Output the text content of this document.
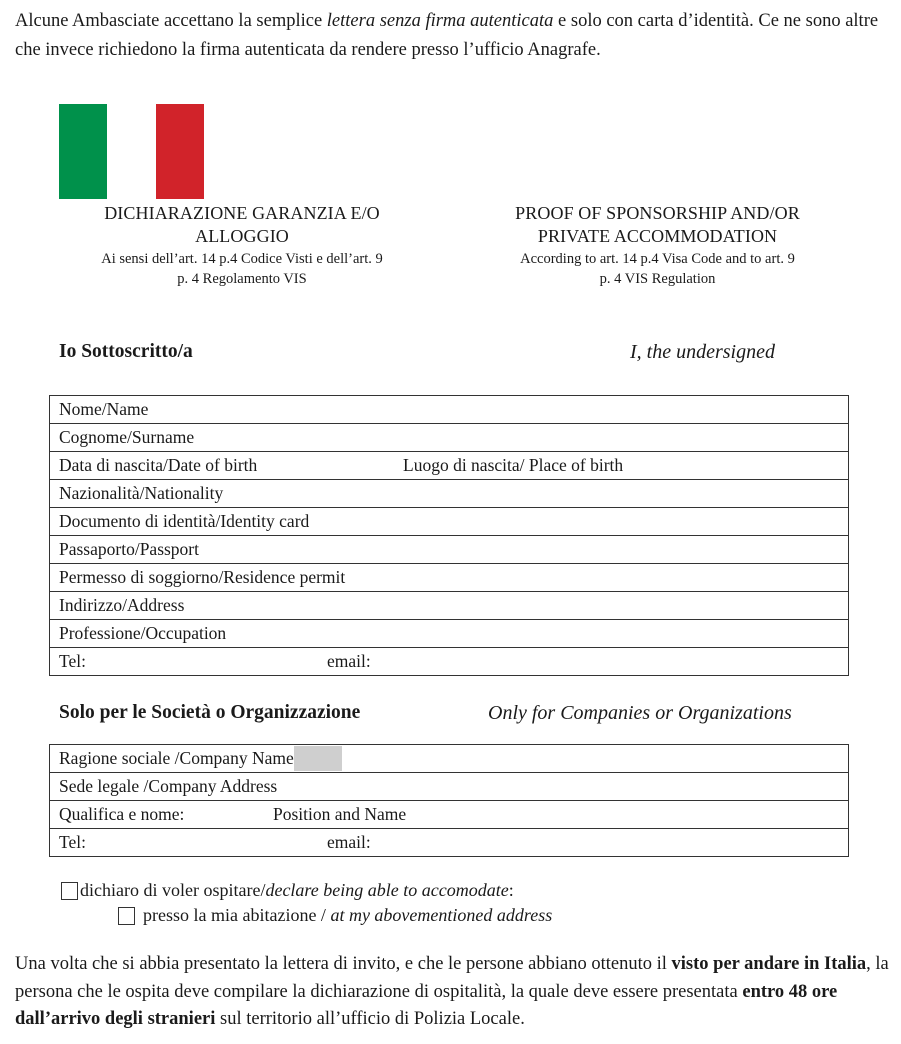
Alcune Ambasciate accettano la semplice lettera senza firma autenticata e solo con carta d’identità. Ce ne sono altre che invece richiedono la firma autenticata da rendere presso l’ufficio Anagrafe.

DICHIARAZIONE GARANZIA E/O
ALLOGGIO
Ai sensi dell’art. 14 p.4 Codice Visti e dell’art. 9
p. 4 Regolamento VIS
PROOF OF SPONSORSHIP AND/OR
PRIVATE ACCOMMODATION
According to art. 14 p.4 Visa Code and to art. 9
p. 4 VIS Regulation
Io Sottoscritto/a	I, the undersigned
Nome/Name
Cognome/Surname
Data di nascita/Date of birth	Luogo di nascita/ Place of birth
Nazionalità/Nationality
Documento di identità/Identity card
Passaporto/Passport
Permesso di soggiorno/Residence permit
Indirizzo/Address
Professione/Occupation
Tel:	email:
Solo per le Società o Organizzazione	Only for Companies or Organizations
Ragione sociale /Company Name
Sede legale /Company Address
Qualifica e nome:	Position and Name
Tel:	email:
dichiaro di voler ospitare/ declare being able to accomodate :
presso la mia abitazione / at my abovementioned address

Una volta che si abbia presentato la lettera di invito, e che le persone abbiano ottenuto il visto per andare in Italia, la persona che le ospita deve compilare la dichiarazione di ospitalità, la quale deve essere presentata entro 48 ore dall’arrivo degli stranieri sul territorio all’ufficio di Polizia Locale.
